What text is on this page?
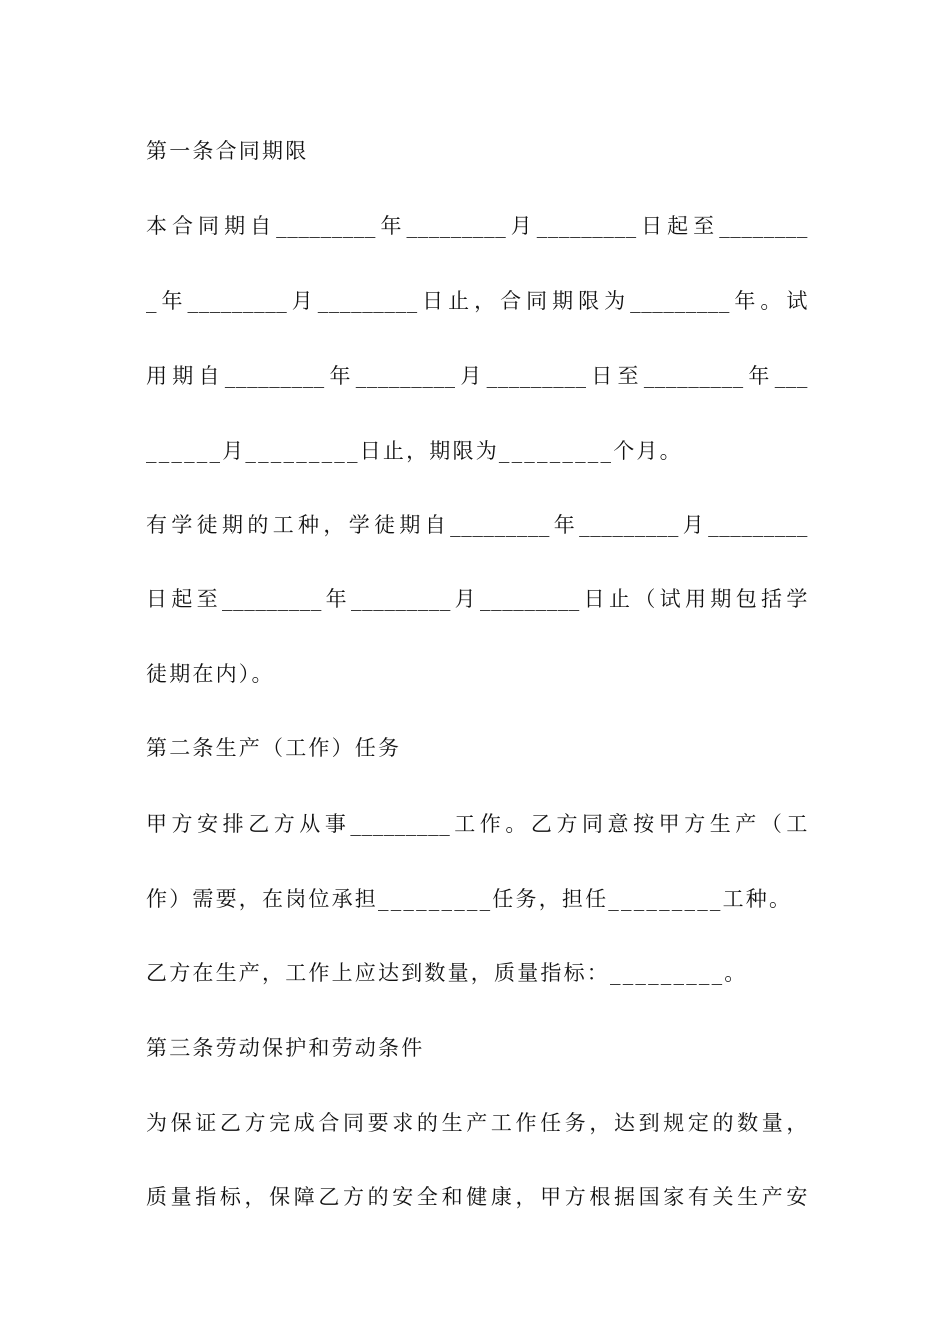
第一条合同期限
本合同期自_________年_________月_________日起至________
_年_________月_________日止，合同期限为_________年。试
用期自_________年_________月_________日至_________年___
______月_________日止，期限为_________个月。
有学徒期的工种，学徒期自_________年_________月_________
日起至_________年_________月_________日止（试用期包括学
徒期在内）。
第二条生产（工作）任务
甲方安排乙方从事_________工作。乙方同意按甲方生产（工
作）需要，在岗位承担_________任务，担任_________工种。
乙方在生产，工作上应达到数量，质量指标：_________。
第三条劳动保护和劳动条件
为保证乙方完成合同要求的生产工作任务，达到规定的数量，
质量指标，保障乙方的安全和健康，甲方根据国家有关生产安
